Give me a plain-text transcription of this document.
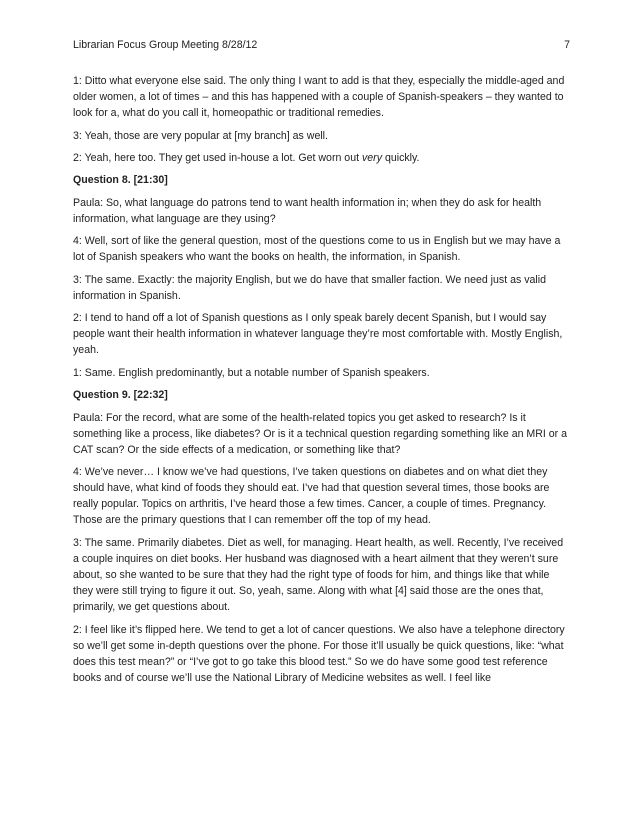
Librarian Focus Group Meeting 8/28/12	7

1: Ditto what everyone else said. The only thing I want to add is that they, especially the middle-aged and older women, a lot of times – and this has happened with a couple of Spanish-speakers – they wanted to look for a, what do you call it, homeopathic or traditional remedies.

3: Yeah, those are very popular at [my branch] as well.

2: Yeah, here too. They get used in-house a lot. Get worn out very quickly.

Question 8. [21:30]

Paula: So, what language do patrons tend to want health information in; when they do ask for health information, what language are they using?

4: Well, sort of like the general question, most of the questions come to us in English but we may have a lot of Spanish speakers who want the books on health, the information, in Spanish.

3: The same. Exactly: the majority English, but we do have that smaller faction. We need just as valid information in Spanish.

2: I tend to hand off a lot of Spanish questions as I only speak barely decent Spanish, but I would say people want their health information in whatever language they’re most comfortable with. Mostly English, yeah.

1: Same. English predominantly, but a notable number of Spanish speakers.

Question 9. [22:32]

Paula: For the record, what are some of the health-related topics you get asked to research? Is it something like a process, like diabetes? Or is it a technical question regarding something like an MRI or a CAT scan? Or the side effects of a medication, or something like that?

4: We’ve never… I know we’ve had questions, I’ve taken questions on diabetes and on what diet they should have, what kind of foods they should eat. I’ve had that question several times, those books are really popular. Topics on arthritis, I’ve heard those a few times. Cancer, a couple of times. Pregnancy. Those are the primary questions that I can remember off the top of my head.

3: The same. Primarily diabetes. Diet as well, for managing. Heart health, as well. Recently, I’ve received a couple inquires on diet books. Her husband was diagnosed with a heart ailment that they weren’t sure about, so she wanted to be sure that they had the right type of foods for him, and things like that while they were still trying to figure it out. So, yeah, same. Along with what [4] said those are the ones that, primarily, we get questions about.

2: I feel like it’s flipped here. We tend to get a lot of cancer questions. We also have a telephone directory so we’ll get some in-depth questions over the phone. For those it’ll usually be quick questions, like: “what does this test mean?” or “I’ve got to go take this blood test.” So we do have some good test reference books and of course we’ll use the National Library of Medicine websites as well. I feel like
